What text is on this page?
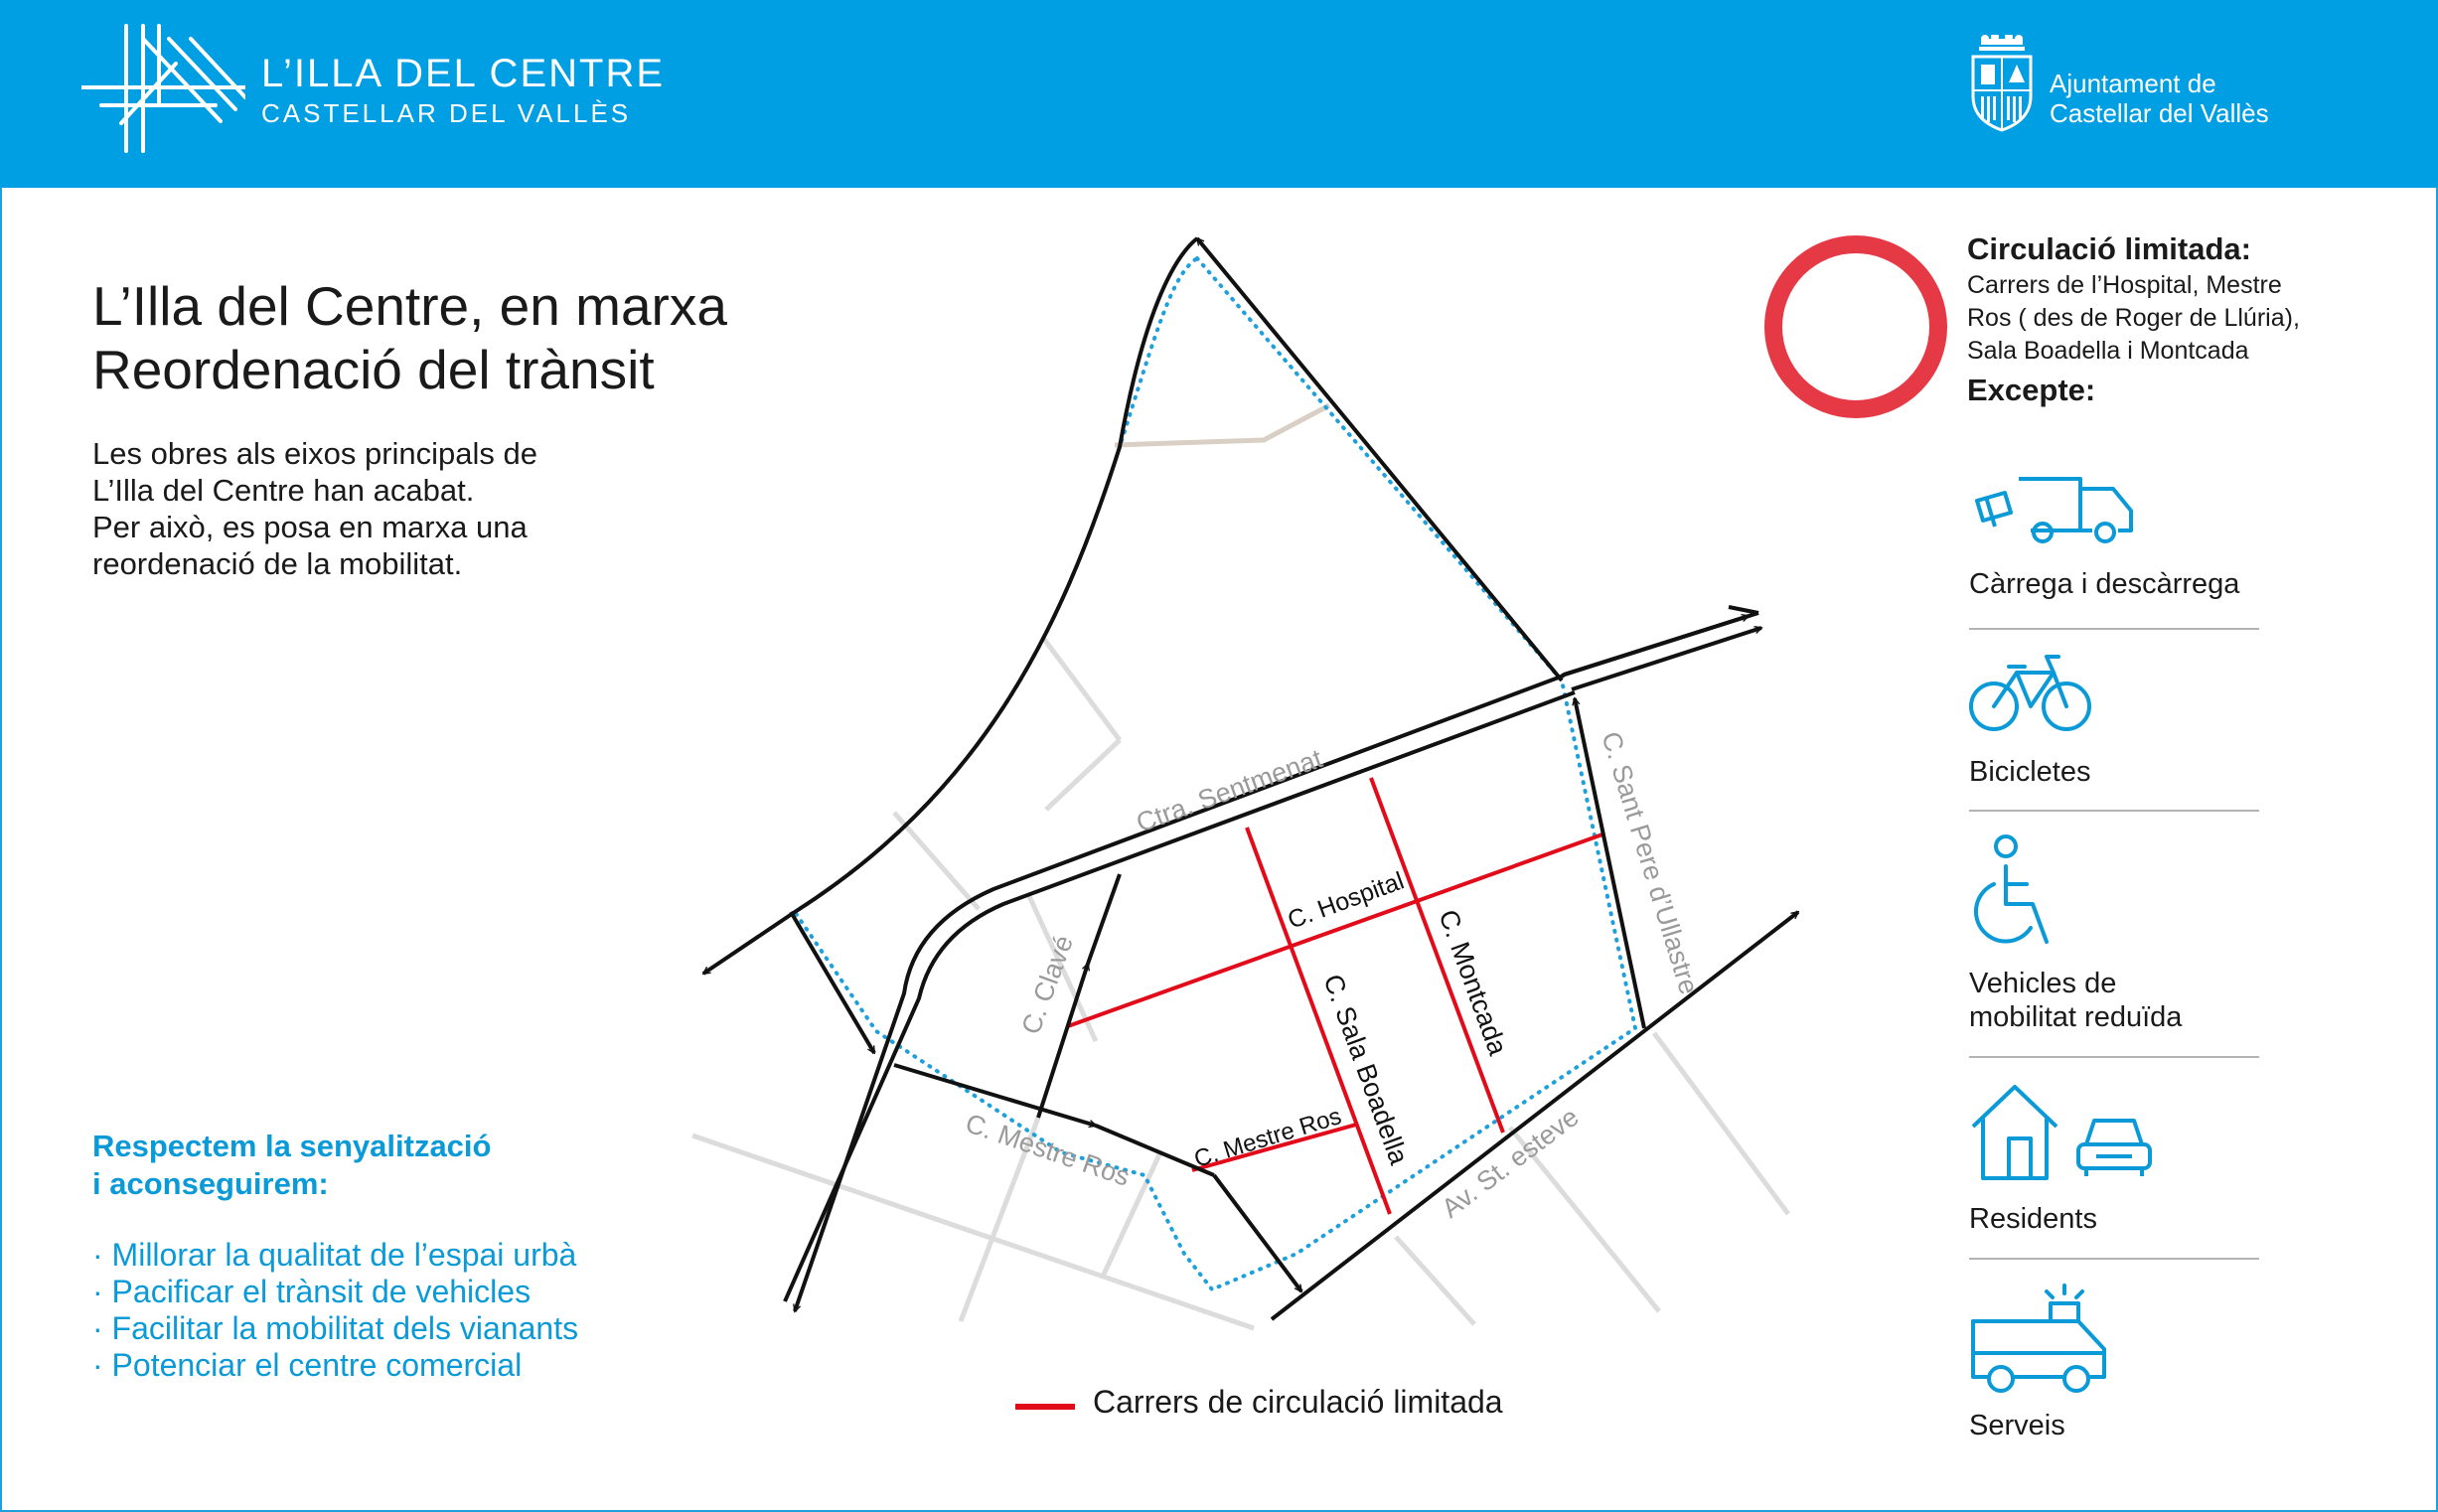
L’ILLA DEL CENTRE
CASTELLAR DEL VALLÈS
Ajuntament de
Castellar del Vallès
L’Illa del Centre, en marxa
Reordenació del trànsit
Les obres als eixos principals de
L’Illa del Centre han acabat.
Per això, es posa en marxa una
reordenació de la mobilitat.
Respectem la senyalització
i aconseguirem:
· Millorar la qualitat de l’espai urbà
· Pacificar el trànsit de vehicles
· Facilitar la mobilitat dels vianants
· Potenciar el centre comercial
Ctra. Sentmenat	C. Sant Pere d’Ullastre
C. Hospital
C. Montcada
C. Sala Boadella
C. Clavé
C. Mestre Ros
C. Mestre Ros	Av. St. esteve
Carrers de circulació limitada
Circulació limitada:
Carrers de l’Hospital, Mestre
Ros ( des de Roger de Llúria),
Sala Boadella i Montcada
Excepte:
Càrrega i descàrrega
Bicicletes
Vehicles de
mobilitat reduïda
Residents
Serveis
